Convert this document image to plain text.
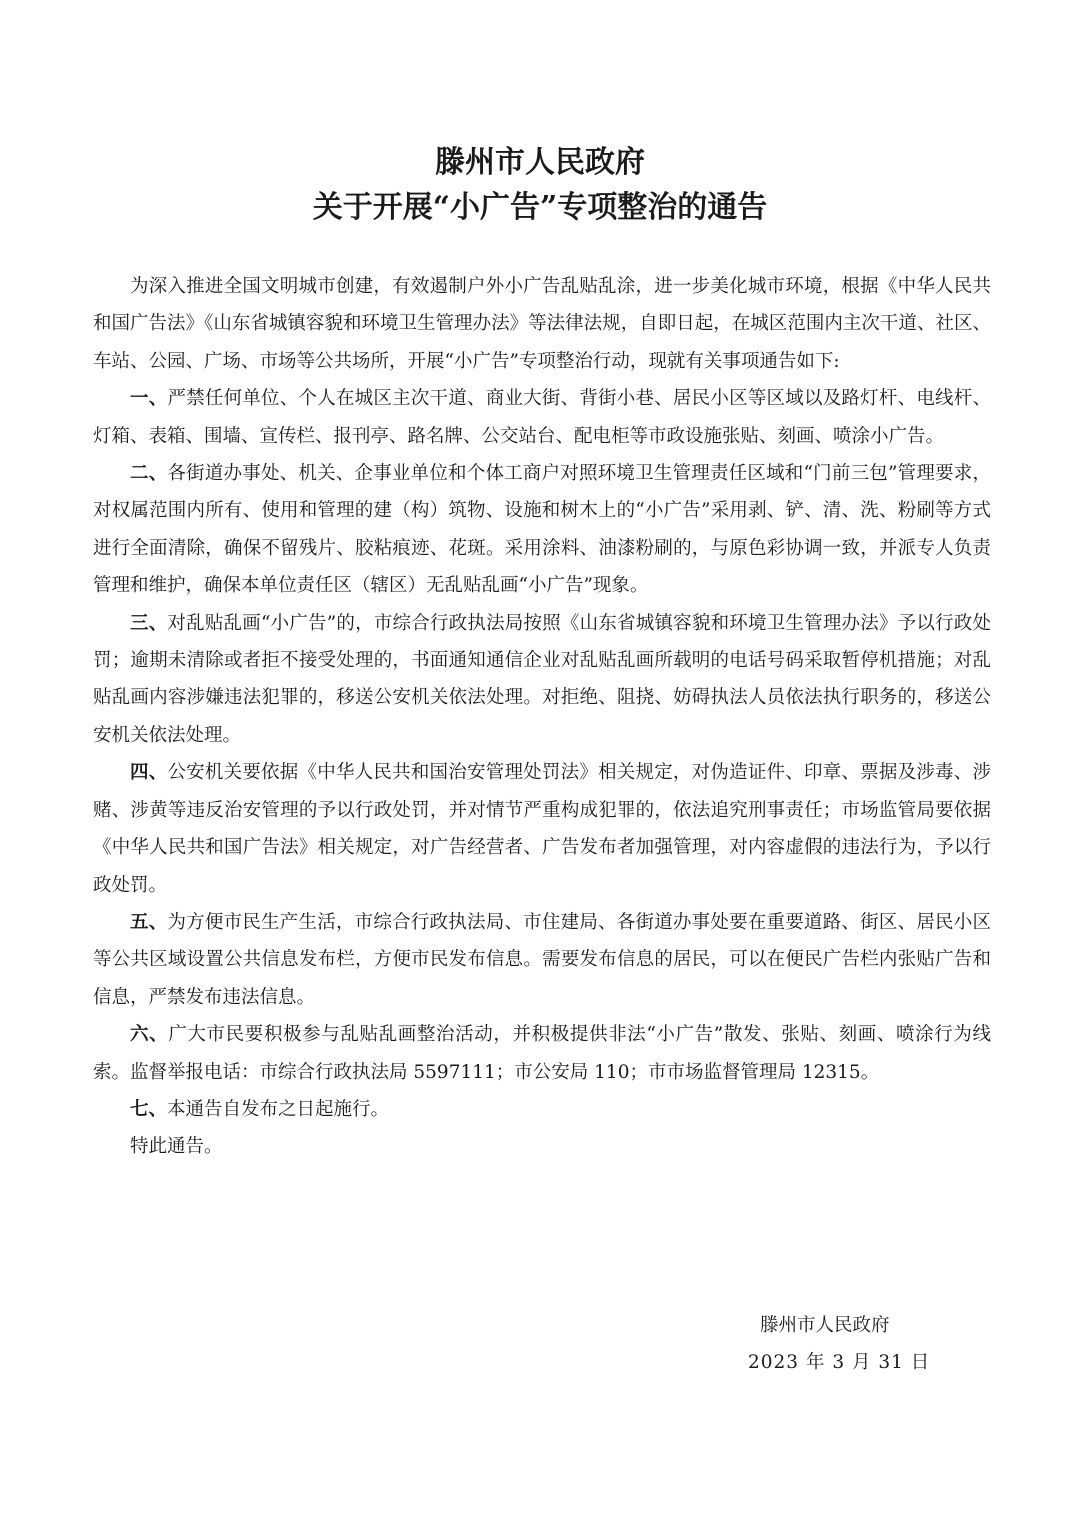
滕州市人民政府
关于开展“小广告”专项整治的通告

为深入推进全国文明城市创建，有效遏制户外小广告乱贴乱涂，进一步美化城市环境，根据《中华人民共和国广告法》《山东省城镇容貌和环境卫生管理办法》等法律法规，自即日起，在城区范围内主次干道、社区、车站、公园、广场、市场等公共场所，开展“小广告”专项整治行动，现就有关事项通告如下:

一、严禁任何单位、个人在城区主次干道、商业大街、背街小巷、居民小区等区域以及路灯杆、电线杆、灯箱、表箱、围墙、宣传栏、报刊亭、路名牌、公交站台、配电柜等市政设施张贴、刻画、喷涂小广告。

二、各街道办事处、机关、企事业单位和个体工商户对照环境卫生管理责任区域和“门前三包”管理要求，对权属范围内所有、使用和管理的建（构）筑物、设施和树木上的“小广告”采用剥、铲、清、洗、粉刷等方式进行全面清除，确保不留残片、胶粘痕迹、花斑。采用涂料、油漆粉刷的，与原色彩协调一致，并派专人负责管理和维护，确保本单位责任区（辖区）无乱贴乱画“小广告”现象。

三、对乱贴乱画“小广告”的，市综合行政执法局按照《山东省城镇容貌和环境卫生管理办法》予以行政处罚；逾期未清除或者拒不接受处理的，书面通知通信企业对乱贴乱画所载明的电话号码采取暂停机措施；对乱贴乱画内容涉嫌违法犯罪的，移送公安机关依法处理。对拒绝、阻挠、妨碍执法人员依法执行职务的，移送公安机关依法处理。

四、公安机关要依据《中华人民共和国治安管理处罚法》相关规定，对伪造证件、印章、票据及涉毒、涉赌、涉黄等违反治安管理的予以行政处罚，并对情节严重构成犯罪的，依法追究刑事责任；市场监管局要依据《中华人民共和国广告法》相关规定，对广告经营者、广告发布者加强管理，对内容虚假的违法行为，予以行政处罚。

五、为方便市民生产生活，市综合行政执法局、市住建局、各街道办事处要在重要道路、街区、居民小区等公共区域设置公共信息发布栏，方便市民发布信息。需要发布信息的居民，可以在便民广告栏内张贴广告和信息，严禁发布违法信息。

六、广大市民要积极参与乱贴乱画整治活动，并积极提供非法“小广告”散发、张贴、刻画、喷涂行为线索。监督举报电话：市综合行政执法局 5597111；市公安局 110；市市场监督管理局 12315。

七、本通告自发布之日起施行。

特此通告。

滕州市人民政府
2023 年 3 月 31 日
